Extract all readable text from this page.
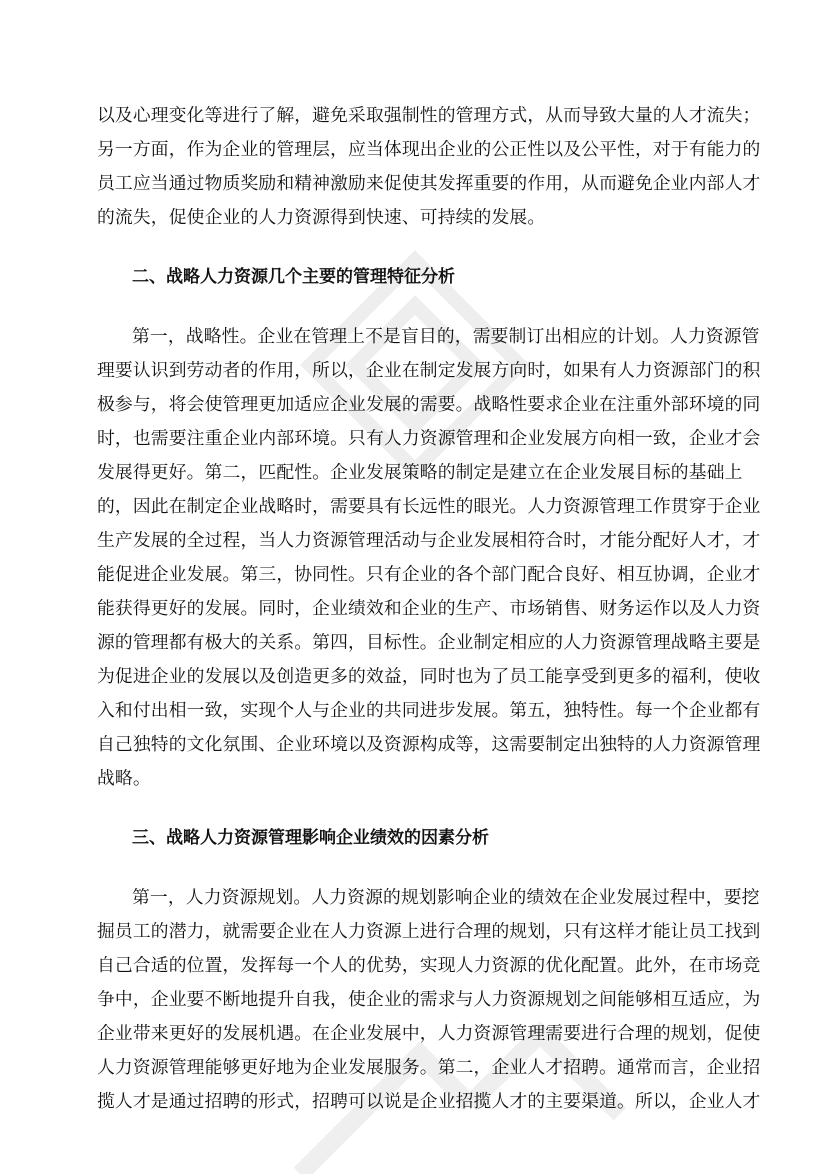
以及心理变化等进行了解，避免采取强制性的管理方式，从而导致大量的人才流失；
另一方面，作为企业的管理层，应当体现出企业的公正性以及公平性，对于有能力的
员工应当通过物质奖励和精神激励来促使其发挥重要的作用，从而避免企业内部人才
的流失，促使企业的人力资源得到快速、可持续的发展。
二、战略人力资源几个主要的管理特征分析
第一，战略性。企业在管理上不是盲目的，需要制订出相应的计划。人力资源管
理要认识到劳动者的作用，所以，企业在制定发展方向时，如果有人力资源部门的积
极参与，将会使管理更加适应企业发展的需要。战略性要求企业在注重外部环境的同
时，也需要注重企业内部环境。只有人力资源管理和企业发展方向相一致，企业才会
发展得更好。第二，匹配性。企业发展策略的制定是建立在企业发展目标的基础上
的，因此在制定企业战略时，需要具有长远性的眼光。人力资源管理工作贯穿于企业
生产发展的全过程，当人力资源管理活动与企业发展相符合时，才能分配好人才，才
能促进企业发展。第三，协同性。只有企业的各个部门配合良好、相互协调，企业才
能获得更好的发展。同时，企业绩效和企业的生产、市场销售、财务运作以及人力资
源的管理都有极大的关系。第四，目标性。企业制定相应的人力资源管理战略主要是
为促进企业的发展以及创造更多的效益，同时也为了员工能享受到更多的福利，使收
入和付出相一致，实现个人与企业的共同进步发展。第五，独特性。每一个企业都有
自己独特的文化氛围、企业环境以及资源构成等，这需要制定出独特的人力资源管理
战略。
三、战略人力资源管理影响企业绩效的因素分析
第一，人力资源规划。人力资源的规划影响企业的绩效在企业发展过程中，要挖
掘员工的潜力，就需要企业在人力资源上进行合理的规划，只有这样才能让员工找到
自己合适的位置，发挥每一个人的优势，实现人力资源的优化配置。此外，在市场竞
争中，企业要不断地提升自我，使企业的需求与人力资源规划之间能够相互适应，为
企业带来更好的发展机遇。在企业发展中，人力资源管理需要进行合理的规划，促使
人力资源管理能够更好地为企业发展服务。第二，企业人才招聘。通常而言，企业招
揽人才是通过招聘的形式，招聘可以说是企业招揽人才的主要渠道。所以，企业人才
